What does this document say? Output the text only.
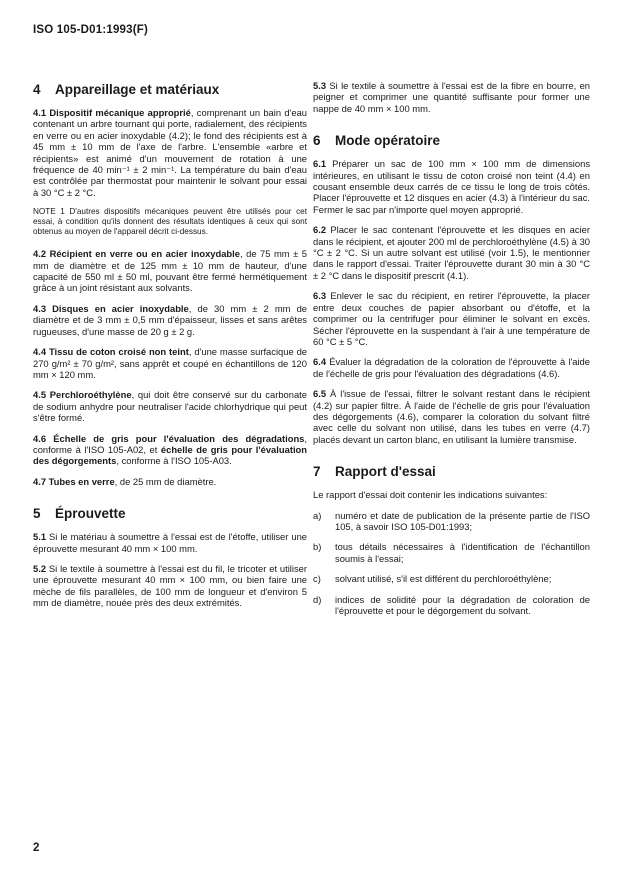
ISO 105-D01:1993(F)
4	Appareillage et matériaux

4.1 Dispositif mécanique approprié, comprenant un bain d'eau contenant un arbre tournant qui porte, radialement, des récipients en verre ou en acier inoxydable (4.2); le fond des récipients est à 45 mm ± 10 mm de l'axe de l'arbre. L'ensemble «arbre et récipients» est animé d'un mouvement de rotation à une fréquence de 40 min⁻¹ ± 2 min⁻¹. La température du bain d'eau est contrôlée par thermostat pour maintenir le solvant pour essai à 30 °C ± 2 °C.

NOTE 1 D'autres dispositifs mécaniques peuvent être utilisés pour cet essai, à condition qu'ils donnent des résultats identiques à ceux qui sont obtenus au moyen de l'appareil décrit ci-dessus.

4.2 Récipient en verre ou en acier inoxydable, de 75 mm ± 5 mm de diamètre et de 125 mm ± 10 mm de hauteur, d'une capacité de 550 ml ± 50 ml, pouvant être fermé hermétiquement grâce à un joint résistant aux solvants.

4.3 Disques en acier inoxydable, de 30 mm ± 2 mm de diamètre et de 3 mm ± 0,5 mm d'épaisseur, lisses et sans arêtes rugueuses, d'une masse de 20 g ± 2 g.

4.4 Tissu de coton croisé non teint, d'une masse surfacique de 270 g/m² ± 70 g/m², sans apprêt et coupé en échantillons de 120 mm × 120 mm.

4.5 Perchloroéthylène, qui doit être conservé sur du carbonate de sodium anhydre pour neutraliser l'acide chlorhydrique qui peut s'être formé.

4.6 Échelle de gris pour l'évaluation des dégradations, conforme à l'ISO 105-A02, et échelle de gris pour l'évaluation des dégorgements, conforme à l'ISO 105-A03.

4.7 Tubes en verre, de 25 mm de diamètre.

5	Éprouvette

5.1 Si le matériau à soumettre à l'essai est de l'étoffe, utiliser une éprouvette mesurant 40 mm × 100 mm.

5.2 Si le textile à soumettre à l'essai est du fil, le tricoter et utiliser une éprouvette mesurant 40 mm × 100 mm, ou bien faire une mèche de fils parallèles, de 100 mm de longueur et d'environ 5 mm de diamètre, nouée près des deux extrémités.

5.3 Si le textile à soumettre à l'essai est de la fibre en bourre, en peigner et comprimer une quantité suffisante pour former une nappe de 40 mm × 100 mm.

6	Mode opératoire

6.1 Préparer un sac de 100 mm × 100 mm de dimensions intérieures, en utilisant le tissu de coton croisé non teint (4.4) en cousant ensemble deux carrés de ce tissu le long de trois côtés. Placer l'éprouvette et 12 disques en acier (4.3) à l'intérieur du sac. Fermer le sac par n'importe quel moyen approprié.

6.2 Placer le sac contenant l'éprouvette et les disques en acier dans le récipient, et ajouter 200 ml de perchloroéthylène (4.5) à 30 °C ± 2 °C. Si un autre solvant est utilisé (voir 1.5), le mentionner dans le rapport d'essai. Traiter l'éprouvette durant 30 min à 30 °C ± 2 °C dans le dispositif prescrit (4.1).

6.3 Enlever le sac du récipient, en retirer l'éprouvette, la placer entre deux couches de papier absorbant ou d'étoffe, et la comprimer ou la centrifuger pour éliminer le solvant en excès. Sécher l'éprouvette en la suspendant à l'air à une température de 60 °C ± 5 °C.

6.4 Évaluer la dégradation de la coloration de l'éprouvette à l'aide de l'échelle de gris pour l'évaluation des dégradations (4.6).

6.5 À l'issue de l'essai, filtrer le solvant restant dans le récipient (4.2) sur papier filtre. À l'aide de l'échelle de gris pour l'évaluation des dégorgements (4.6), comparer la coloration du solvant filtré avec celle du solvant non utilisé, dans les tubes en verre (4.7) placés devant un carton blanc, en utilisant la lumière transmise.

7	Rapport d'essai

Le rapport d'essai doit contenir les indications suivantes:

a)	numéro et date de publication de la présente partie de l'ISO 105, à savoir ISO 105-D01:1993;
b)	tous détails nécessaires à l'identification de l'échantillon soumis à l'essai;
c)	solvant utilisé, s'il est différent du perchloroéthylène;
d)	indices de solidité pour la dégradation de coloration de l'éprouvette et pour le dégorgement du solvant.
2
